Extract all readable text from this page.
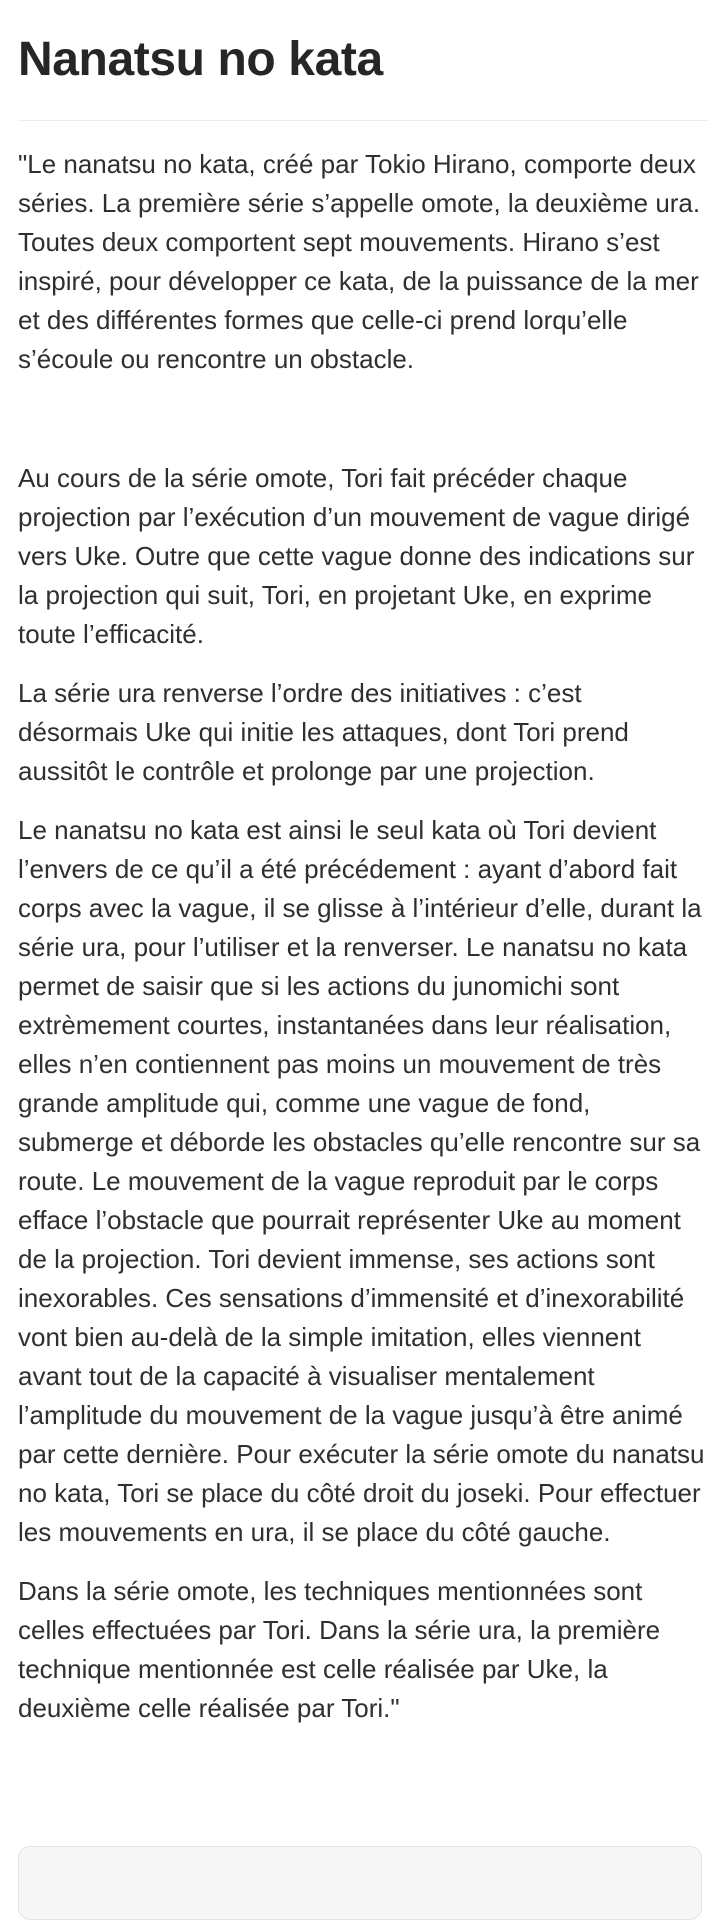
Nanatsu no kata

"Le nanatsu no kata, créé par Tokio Hirano, comporte deux séries. La première série s’appelle omote, la deuxième ura. Toutes deux comportent sept mouvements. Hirano s’est inspiré, pour développer ce kata, de la puissance de la mer et des différentes formes que celle-ci prend lorqu’elle s’écoule ou rencontre un obstacle.

Au cours de la série omote, Tori fait précéder chaque projection par l’exécution d’un mouvement de vague dirigé vers Uke. Outre que cette vague donne des indications sur la projection qui suit, Tori, en projetant Uke, en exprime toute l’efficacité.

La série ura renverse l’ordre des initiatives : c’est désormais Uke qui initie les attaques, dont Tori prend aussitôt le contrôle et prolonge par une projection.

Le nanatsu no kata est ainsi le seul kata où Tori devient l’envers de ce qu’il a été précédement : ayant d’abord fait corps avec la vague, il se glisse à l’intérieur d’elle, durant la série ura, pour l’utiliser et la renverser. Le nanatsu no kata permet de saisir que si les actions du junomichi sont extrèmement courtes, instantanées dans leur réalisation, elles n’en contiennent pas moins un mouvement de très grande amplitude qui, comme une vague de fond, submerge et déborde les obstacles qu’elle rencontre sur sa route. Le mouvement de la vague reproduit par le corps efface l’obstacle que pourrait représenter Uke au moment de la projection. Tori devient immense, ses actions sont inexorables. Ces sensations d’immensité et d’inexorabilité vont bien au-delà de la simple imitation, elles viennent avant tout de la capacité à visualiser mentalement l’amplitude du mouvement de la vague jusqu’à être animé par cette dernière. Pour exécuter la série omote du nanatsu no kata, Tori se place du côté droit du joseki. Pour effectuer les mouvements en ura, il se place du côté gauche.

Dans la série omote, les techniques mentionnées sont celles effectuées par Tori. Dans la série ura, la première technique mentionnée est celle réalisée par Uke, la deuxième celle réalisée par Tori."
